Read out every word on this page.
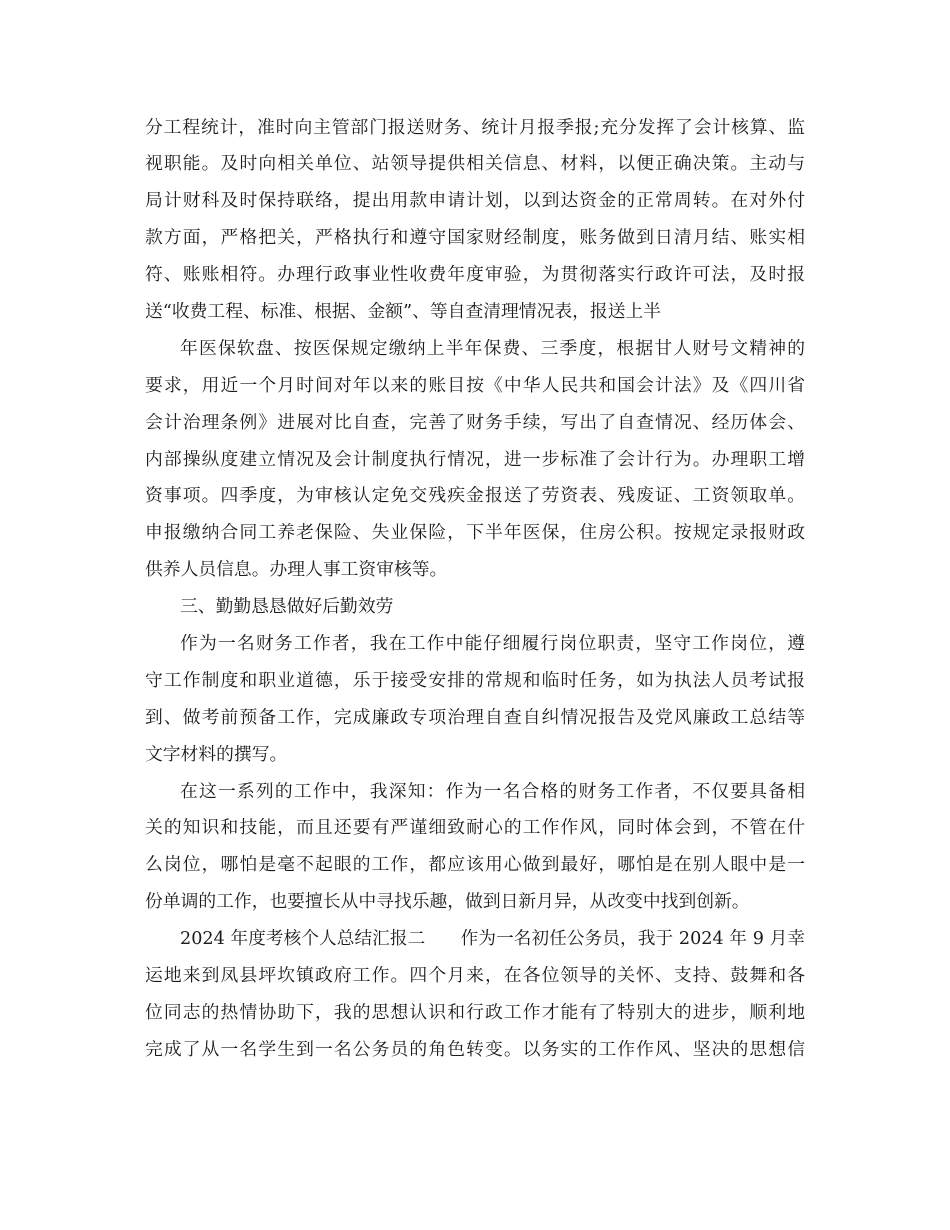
分工程统计，准时向主管部门报送财务、统计月报季报;充分发挥了会计核算、监
视职能。及时向相关单位、站领导提供相关信息、材料，以便正确决策。主动与
局计财科及时保持联络，提出用款申请计划，以到达资金的正常周转。在对外付
款方面，严格把关，严格执行和遵守国家财经制度，账务做到日清月结、账实相
符、账账相符。办理行政事业性收费年度审验，为贯彻落实行政许可法，及时报
送“收费工程、标准、根据、金额”、等自查清理情况表，报送上半
年医保软盘、按医保规定缴纳上半年保费、三季度，根据甘人财号文精神的
要求，用近一个月时间对年以来的账目按《中华人民共和国会计法》及《四川省
会计治理条例》进展对比自查，完善了财务手续，写出了自查情况、经历体会、
内部操纵度建立情况及会计制度执行情况，进一步标准了会计行为。办理职工增
资事项。四季度，为审核认定免交残疾金报送了劳资表、残废证、工资领取单。
申报缴纳合同工养老保险、失业保险，下半年医保，住房公积。按规定录报财政
供养人员信息。办理人事工资审核等。
三、勤勤恳恳做好后勤效劳
作为一名财务工作者，我在工作中能仔细履行岗位职责，坚守工作岗位，遵
守工作制度和职业道德，乐于接受安排的常规和临时任务，如为执法人员考试报
到、做考前预备工作，完成廉政专项治理自查自纠情况报告及党风廉政工总结等
文字材料的撰写。
在这一系列的工作中，我深知：作为一名合格的财务工作者，不仅要具备相
关的知识和技能，而且还要有严谨细致耐心的工作作风，同时体会到，不管在什
么岗位，哪怕是毫不起眼的工作，都应该用心做到最好，哪怕是在别人眼中是一
份单调的工作，也要擅长从中寻找乐趣，做到日新月异，从改变中找到创新。
2024 年度考核个人总结汇报二　　作为一名初任公务员，我于 2024 年 9 月幸
运地来到凤县坪坎镇政府工作。四个月来，在各位领导的关怀、支持、鼓舞和各
位同志的热情协助下，我的思想认识和行政工作才能有了特别大的进步，顺利地
完成了从一名学生到一名公务员的角色转变。以务实的工作作风、坚决的思想信
